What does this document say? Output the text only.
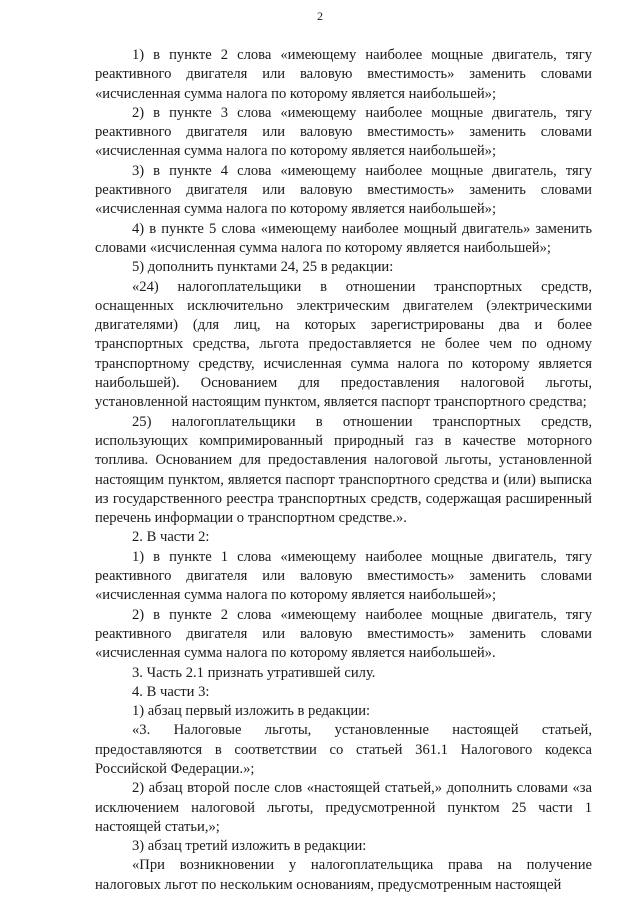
2

1) в пункте 2 слова «имеющему наиболее мощные двигатель, тягу реактивного двигателя или валовую вместимость» заменить словами «исчисленная сумма налога по которому является наибольшей»;

2) в пункте 3 слова «имеющему наиболее мощные двигатель, тягу реактивного двигателя или валовую вместимость» заменить словами «исчисленная сумма налога по которому является наибольшей»;

3) в пункте 4 слова «имеющему наиболее мощные двигатель, тягу реактивного двигателя или валовую вместимость» заменить словами «исчисленная сумма налога по которому является наибольшей»;

4) в пункте 5 слова «имеющему наиболее мощный двигатель» заменить словами «исчисленная сумма налога по которому является наибольшей»;

5) дополнить пунктами 24, 25 в редакции:

«24) налогоплательщики в отношении транспортных средств, оснащенных исключительно электрическим двигателем (электрическими двигателями) (для лиц, на которых зарегистрированы два и более транспортных средства, льгота предоставляется не более чем по одному транспортному средству, исчисленная сумма налога по которому является наибольшей). Основанием для предоставления налоговой льготы, установленной настоящим пунктом, является паспорт транспортного средства;

25) налогоплательщики в отношении транспортных средств, использующих компримированный природный газ в качестве моторного топлива. Основанием для предоставления налоговой льготы, установленной настоящим пунктом, является паспорт транспортного средства и (или) выписка из государственного реестра транспортных средств, содержащая расширенный перечень информации о транспортном средстве.».

2. В части 2:

1) в пункте 1 слова «имеющему наиболее мощные двигатель, тягу реактивного двигателя или валовую вместимость» заменить словами «исчисленная сумма налога по которому является наибольшей»;

2) в пункте 2 слова «имеющему наиболее мощные двигатель, тягу реактивного двигателя или валовую вместимость» заменить словами «исчисленная сумма налога по которому является наибольшей».

3. Часть 2.1 признать утратившей силу.

4. В части 3:

1) абзац первый изложить в редакции:

«3. Налоговые льготы, установленные настоящей статьей, предоставляются в соответствии со статьей 361.1 Налогового кодекса Российской Федерации.»;

2) абзац второй после слов «настоящей статьей,» дополнить словами «за исключением налоговой льготы, предусмотренной пунктом 25 части 1 настоящей статьи,»;

3) абзац третий изложить в редакции:

«При возникновении у налогоплательщика права на получение налоговых льгот по нескольким основаниям, предусмотренным настоящей
